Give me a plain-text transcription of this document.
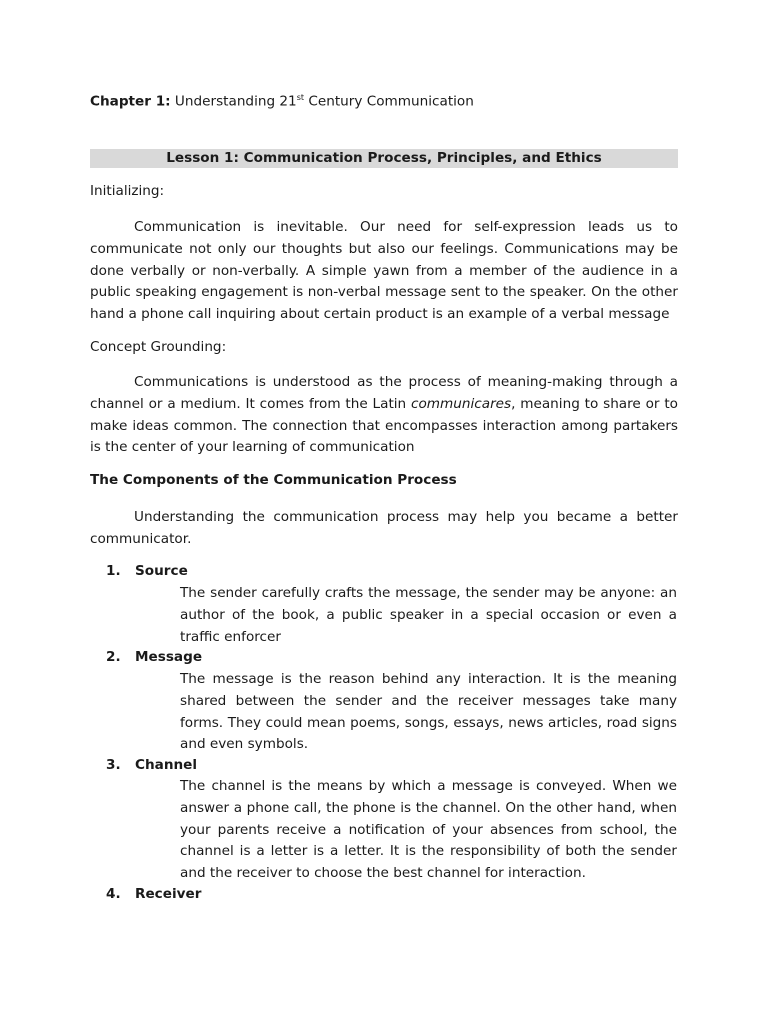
Chapter 1: Understanding 21st Century Communication
Lesson 1: Communication Process, Principles, and Ethics
Initializing:

Communication is inevitable. Our need for self-expression leads us to communicate not only our thoughts but also our feelings. Communications may be done verbally or non-verbally. A simple yawn from a member of the audience in a public speaking engagement is non-verbal message sent to the speaker. On the other hand a phone call inquiring about certain product is an example of a verbal message

Concept Grounding:

Communications is understood as the process of meaning-making through a channel or a medium. It comes from the Latin communicares, meaning to share or to make ideas common. The connection that encompasses interaction among partakers is the center of your learning of communication

The Components of the Communication Process

Understanding the communication process may help you became a better communicator.

1. Source

The sender carefully crafts the message, the sender may be anyone: an author of the book, a public speaker in a special occasion or even a traffic enforcer

2. Message

The message is the reason behind any interaction. It is the meaning shared between the sender and the receiver messages take many forms. They could mean poems, songs, essays, news articles, road signs and even symbols.

3. Channel

The channel is the means by which a message is conveyed. When we answer a phone call, the phone is the channel. On the other hand, when your parents receive a notification of your absences from school, the channel is a letter is a letter. It is the responsibility of both the sender and the receiver to choose the best channel for interaction.

4. Receiver
